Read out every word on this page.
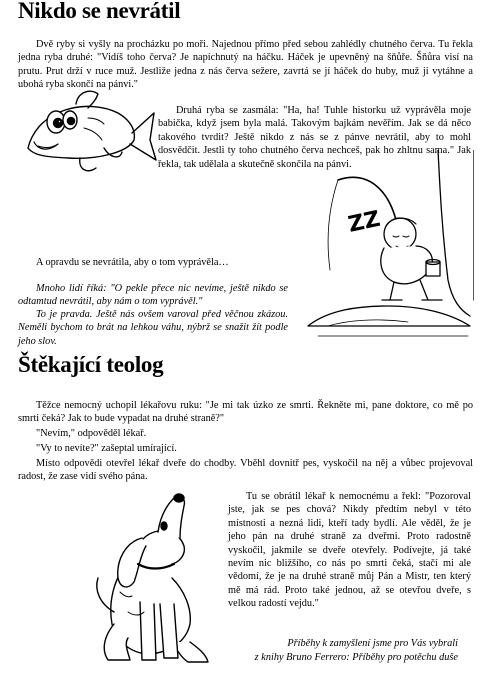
Nikdo se nevrátil

Dvě ryby si vyšly na procházku po moři. Najednou přímo před sebou zahlédly chutného červa. Tu řekla jedna ryba druhé: "Vidíš toho červa? Je napíchnutý na háčku. Háček je upevněný na šňůře. Šňůra visí na prutu. Prut drží v ruce muž. Jestliže jedna z nás červa sežere, zavrtá se jí háček do huby, muž ji vytáhne a ubohá ryba skončí na pánvi."

Druhá ryba se zasmála: "Ha, ha! Tuhle historku už vyprávěla moje babička, když jsem byla malá. Takovým bajkám nevěřím. Jak se dá něco takového tvrdit? Ještě nikdo z nás se z pánve nevrátil, aby to mohl dosvědčit. Jestli ty toho chutného červa nechceš, pak ho zhltnu sama." Jak řekla, tak udělala a skutečně skončila na pánvi.

A opravdu se nevrátila, aby o tom vyprávěla…

Mnoho lidí říká: "O pekle přece nic nevíme, ještě nikdo se odtamtud nevrátil, aby nám o tom vyprávěl."

To je pravda. Ještě nás ovšem varoval před věčnou zkázou. Neměli bychom to brát na lehkou váhu, nýbrž se snažit žít podle jeho slov.

ZZ
Štěkající teolog

Těžce nemocný uchopil lékařovu ruku: "Je mi tak úzko ze smrti. Řekněte mi, pane doktore, co mě po smrti čeká? Jak to bude vypadat na druhé straně?"

"Nevím," odpověděl lékař.

"Vy to nevíte?" zašeptal umírající.

Místo odpovědi otevřel lékař dveře do chodby. Vběhl dovnitř pes, vyskočil na něj a vůbec projevoval radost, že zase vidí svého pána.

Tu se obrátil lékař k nemocnému a řekl: "Pozoroval jste, jak se pes chová? Nikdy předtím nebyl v této místnosti a nezná lidi, kteří tady bydlí. Ale věděl, že je jeho pán na druhé straně za dveřmi. Proto radostně vyskočil, jakmile se dveře otevřely. Podívejte, já také nevím nic bližšího, co nás po smrti čeká, stačí mi ale vědomí, že je na druhé straně můj Pán a Mistr, ten který mě má rád. Proto také jednou, až se otevřou dveře, s velkou radostí vejdu."

Příběhy k zamyšlení jsme pro Vás vybrali

z knihy Bruno Ferrero: Příběhy pro potěchu duše
